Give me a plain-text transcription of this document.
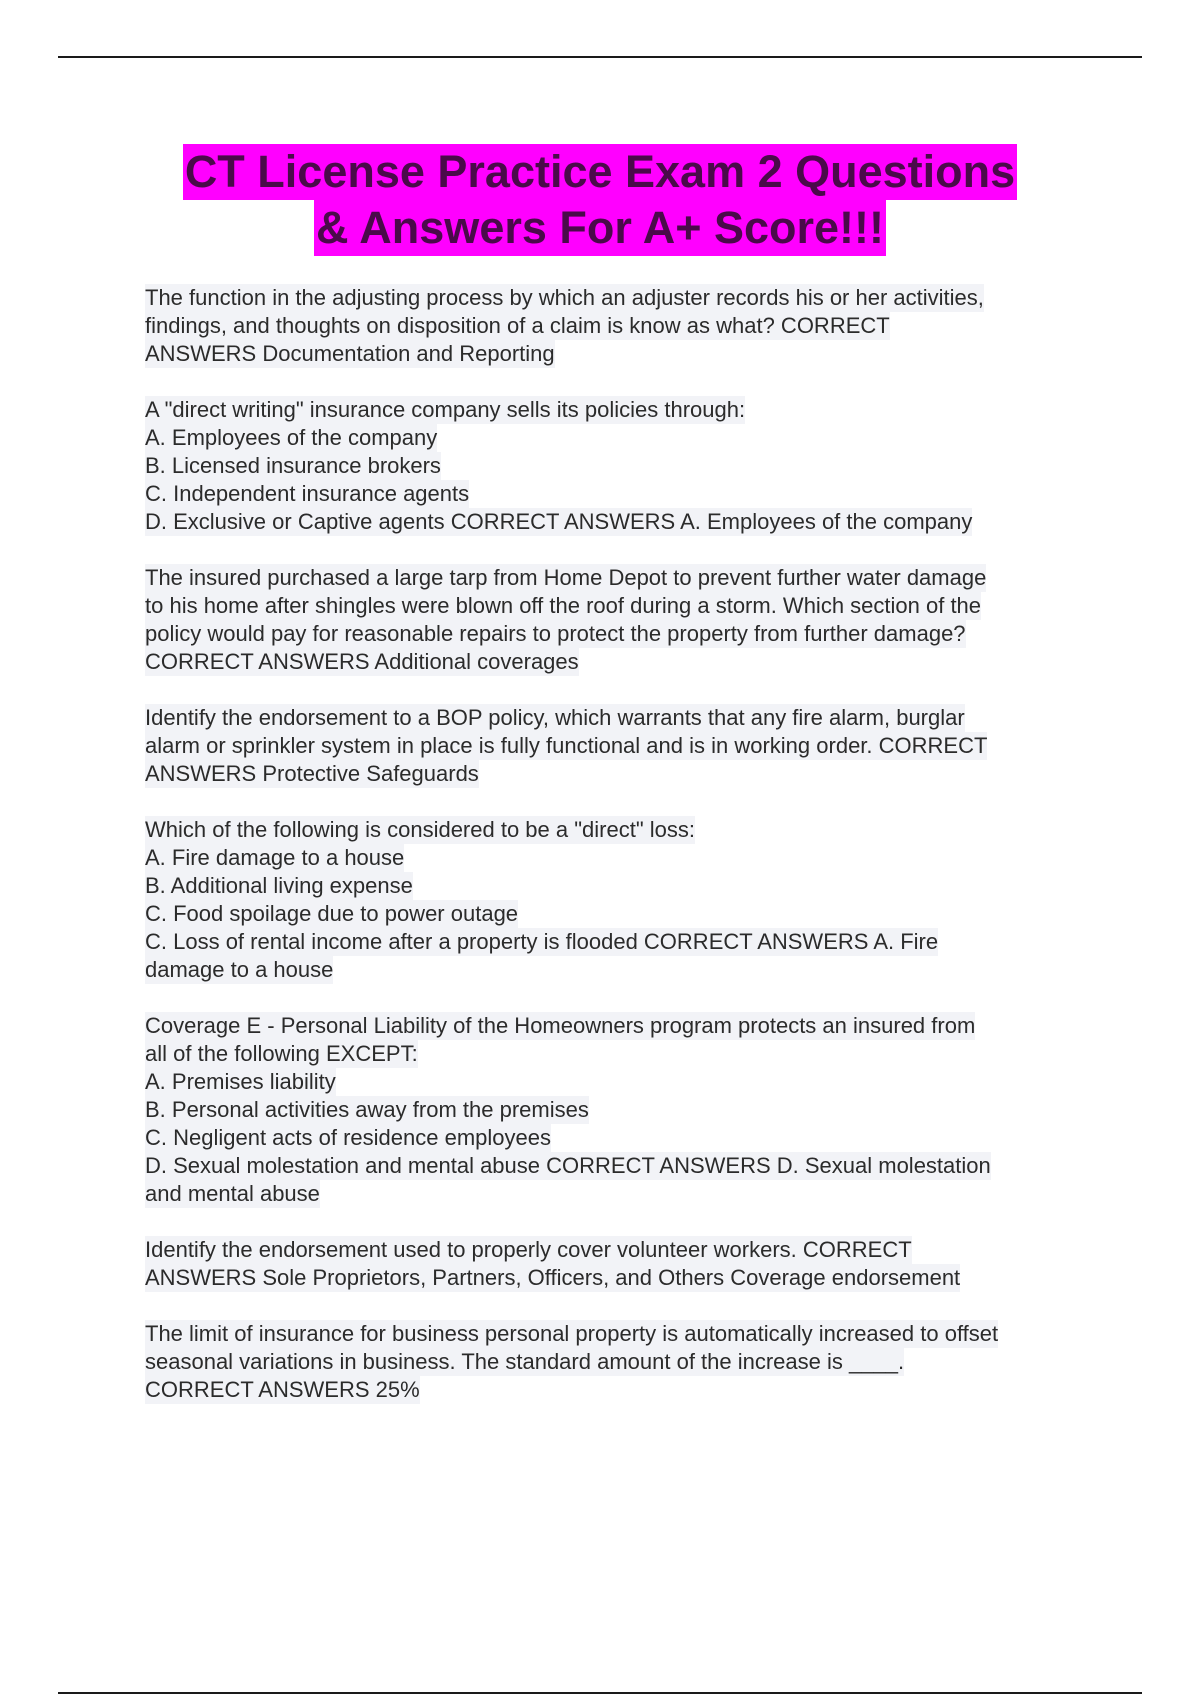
CT License Practice Exam 2 Questions
& Answers For A+ Score!!!
The function in the adjusting process by which an adjuster records his or her activities,
findings, and thoughts on disposition of a claim is know as what? CORRECT
ANSWERS Documentation and Reporting
A "direct writing" insurance company sells its policies through:
A. Employees of the company
B. Licensed insurance brokers
C. Independent insurance agents
D. Exclusive or Captive agents CORRECT ANSWERS A. Employees of the company
The insured purchased a large tarp from Home Depot to prevent further water damage
to his home after shingles were blown off the roof during a storm. Which section of the
policy would pay for reasonable repairs to protect the property from further damage?
CORRECT ANSWERS Additional coverages
Identify the endorsement to a BOP policy, which warrants that any fire alarm, burglar
alarm or sprinkler system in place is fully functional and is in working order. CORRECT
ANSWERS Protective Safeguards
Which of the following is considered to be a "direct" loss:
A. Fire damage to a house
B. Additional living expense
C. Food spoilage due to power outage
C. Loss of rental income after a property is flooded CORRECT ANSWERS A. Fire
damage to a house
Coverage E - Personal Liability of the Homeowners program protects an insured from
all of the following EXCEPT:
A. Premises liability
B. Personal activities away from the premises
C. Negligent acts of residence employees
D. Sexual molestation and mental abuse CORRECT ANSWERS D. Sexual molestation
and mental abuse
Identify the endorsement used to properly cover volunteer workers. CORRECT
ANSWERS Sole Proprietors, Partners, Officers, and Others Coverage endorsement
The limit of insurance for business personal property is automatically increased to offset
seasonal variations in business. The standard amount of the increase is ____.
CORRECT ANSWERS 25%
